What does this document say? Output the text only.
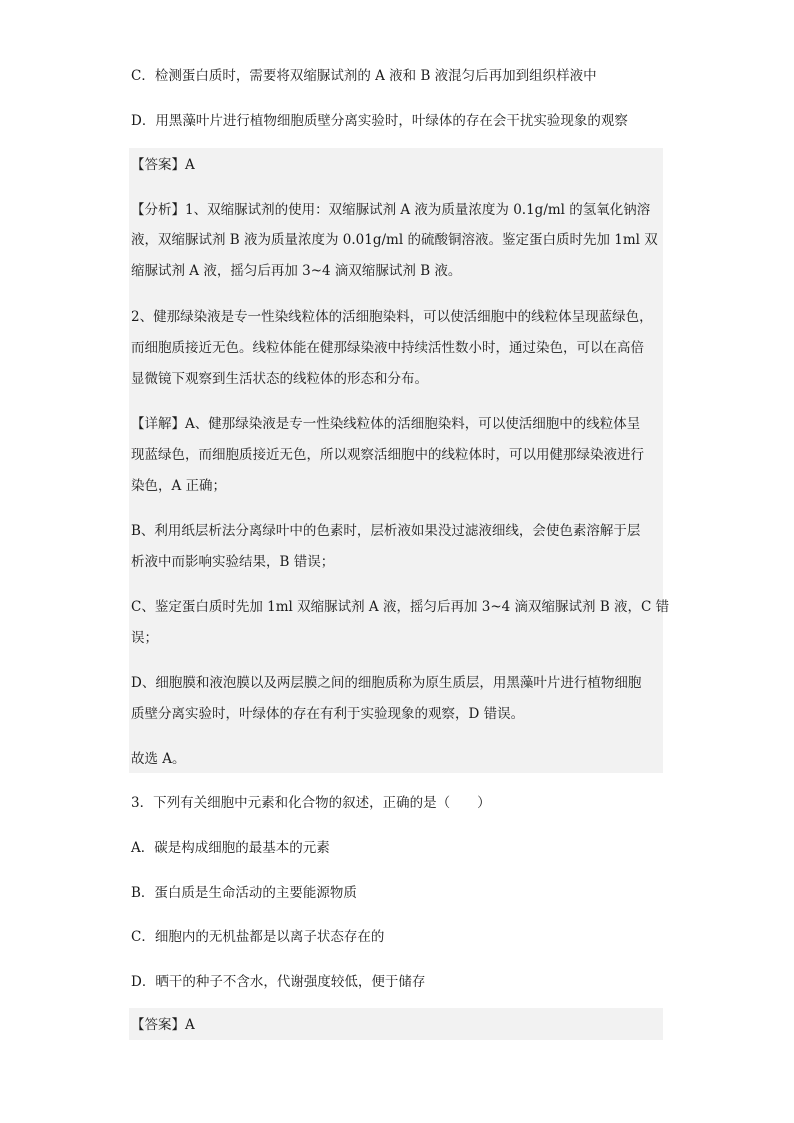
C．检测蛋白质时，需要将双缩脲试剂的 A 液和 B 液混匀后再加到组织样液中
D．用黑藻叶片进行植物细胞质壁分离实验时，叶绿体的存在会干扰实验现象的观察
【答案】A
【分析】1、双缩脲试剂的使用：双缩脲试剂 A 液为质量浓度为 0.1g/ml 的氢氧化钠溶
液，双缩脲试剂 B 液为质量浓度为 0.01g/ml 的硫酸铜溶液。鉴定蛋白质时先加 1ml 双
缩脲试剂 A 液，摇匀后再加 3~4 滴双缩脲试剂 B 液。
2、健那绿染液是专一性染线粒体的活细胞染料，可以使活细胞中的线粒体呈现蓝绿色，
而细胞质接近无色。线粒体能在健那绿染液中持续活性数小时，通过染色，可以在高倍
显微镜下观察到生活状态的线粒体的形态和分布。
【详解】A、健那绿染液是专一性染线粒体的活细胞染料，可以使活细胞中的线粒体呈
现蓝绿色，而细胞质接近无色，所以观察活细胞中的线粒体时，可以用健那绿染液进行
染色，A 正确；
B、利用纸层析法分离绿叶中的色素时，层析液如果没过滤液细线，会使色素溶解于层
析液中而影响实验结果，B 错误；
C、鉴定蛋白质时先加 1ml 双缩脲试剂 A 液，摇匀后再加 3~4 滴双缩脲试剂 B 液，C 错
误；
D、细胞膜和液泡膜以及两层膜之间的细胞质称为原生质层，用黑藻叶片进行植物细胞
质壁分离实验时，叶绿体的存在有利于实验现象的观察，D 错误。
故选 A。
3．下列有关细胞中元素和化合物的叙述，正确的是（　　）
A．碳是构成细胞的最基本的元素
B．蛋白质是生命活动的主要能源物质
C．细胞内的无机盐都是以离子状态存在的
D．晒干的种子不含水，代谢强度较低，便于储存
【答案】A
